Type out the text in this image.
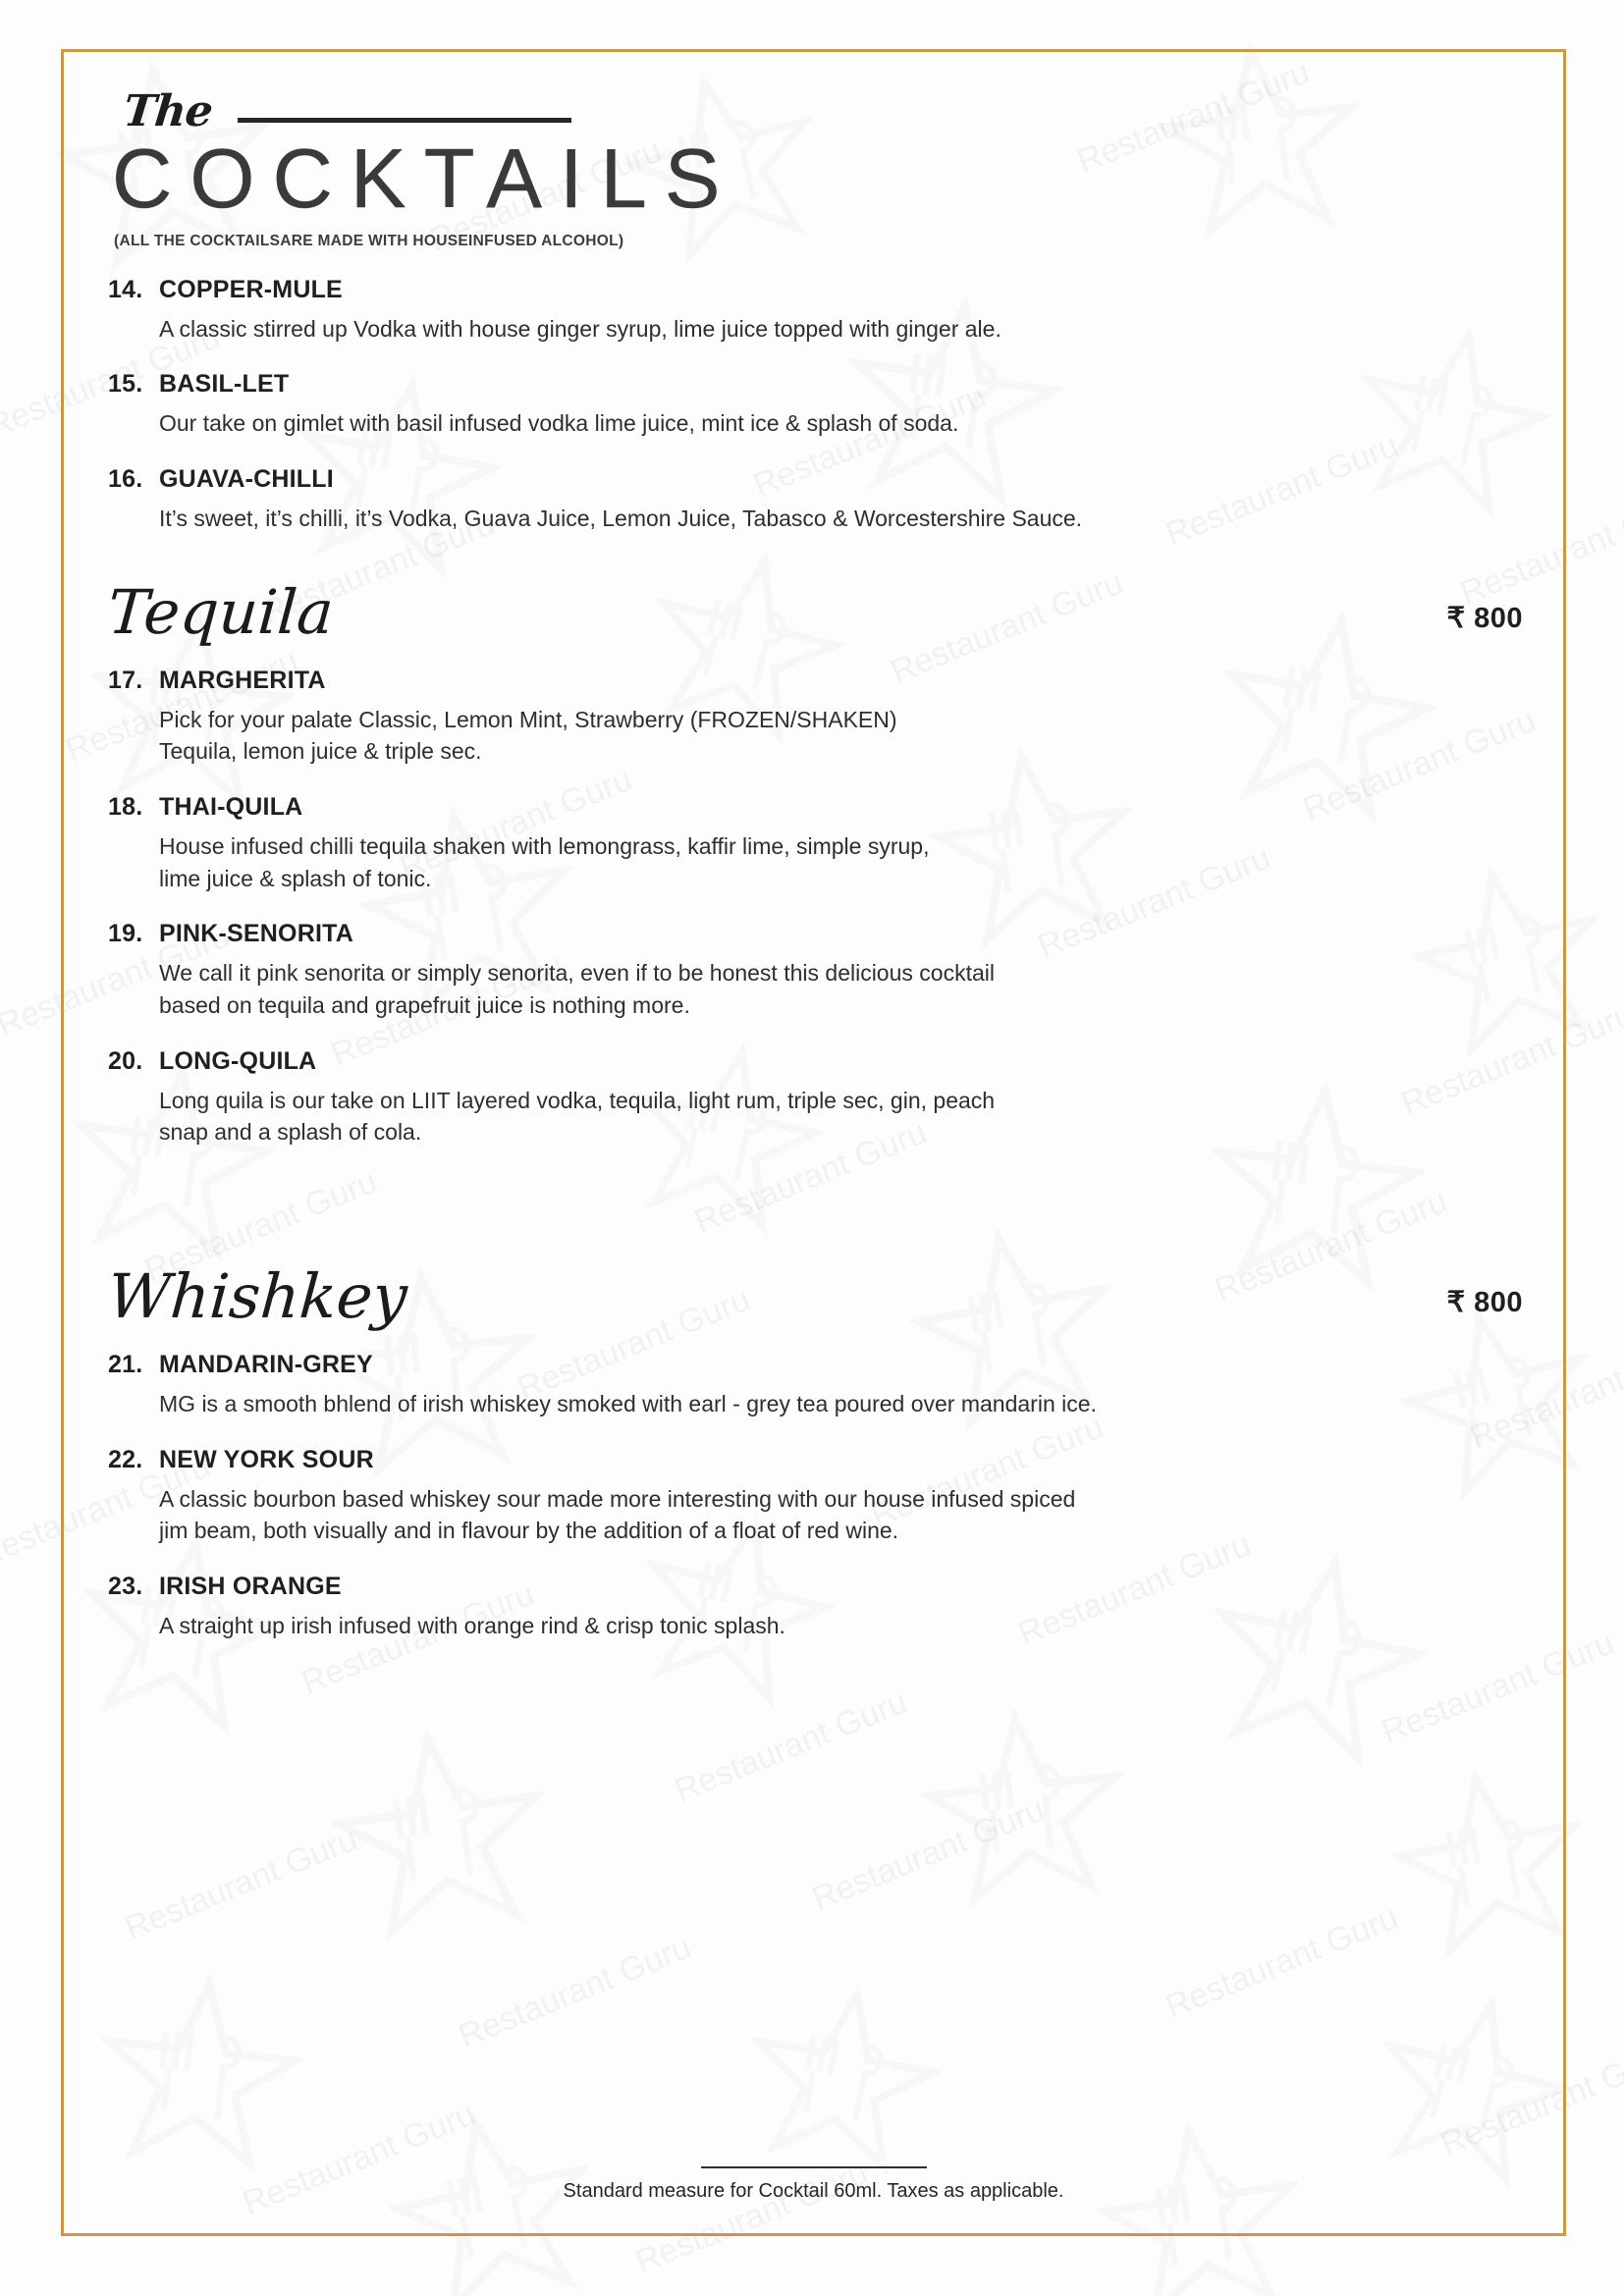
The
COCKTAILS
(ALL THE COCKTAILSARE MADE WITH HOUSEINFUSED ALCOHOL)
14. COPPER-MULE
A classic stirred up Vodka with house ginger syrup, lime juice topped with ginger ale.
15. BASIL-LET
Our take on gimlet with basil infused vodka lime juice, mint ice & splash of soda.
16. GUAVA-CHILLI
It’s sweet, it’s chilli, it’s Vodka, Guava Juice, Lemon Juice, Tabasco & Worcestershire Sauce.
Tequila	₹ 800
17. MARGHERITA
Pick for your palate Classic, Lemon Mint, Strawberry (FROZEN/SHAKEN)
Tequila, lemon juice & triple sec.
18. THAI-QUILA
House infused chilli tequila shaken with lemongrass, kaffir lime, simple syrup,
lime juice & splash of tonic.
19. PINK-SENORITA
We call it pink senorita or simply senorita, even if to be honest this delicious cocktail
based on tequila and grapefruit juice is nothing more.
20. LONG-QUILA
Long quila is our take on LIIT layered vodka, tequila, light rum, triple sec, gin, peach
snap and a splash of cola.
Whishkey	₹ 800
21. MANDARIN-GREY
MG is a smooth bhlend of irish whiskey smoked with earl - grey tea poured over mandarin ice.
22. NEW YORK SOUR
A classic bourbon based whiskey sour made more interesting with our house infused spiced
jim beam, both visually and in flavour by the addition of a float of red wine.
23. IRISH ORANGE
A straight up irish infused with orange rind & crisp tonic splash.
Standard measure for Cocktail 60ml. Taxes as applicable.
